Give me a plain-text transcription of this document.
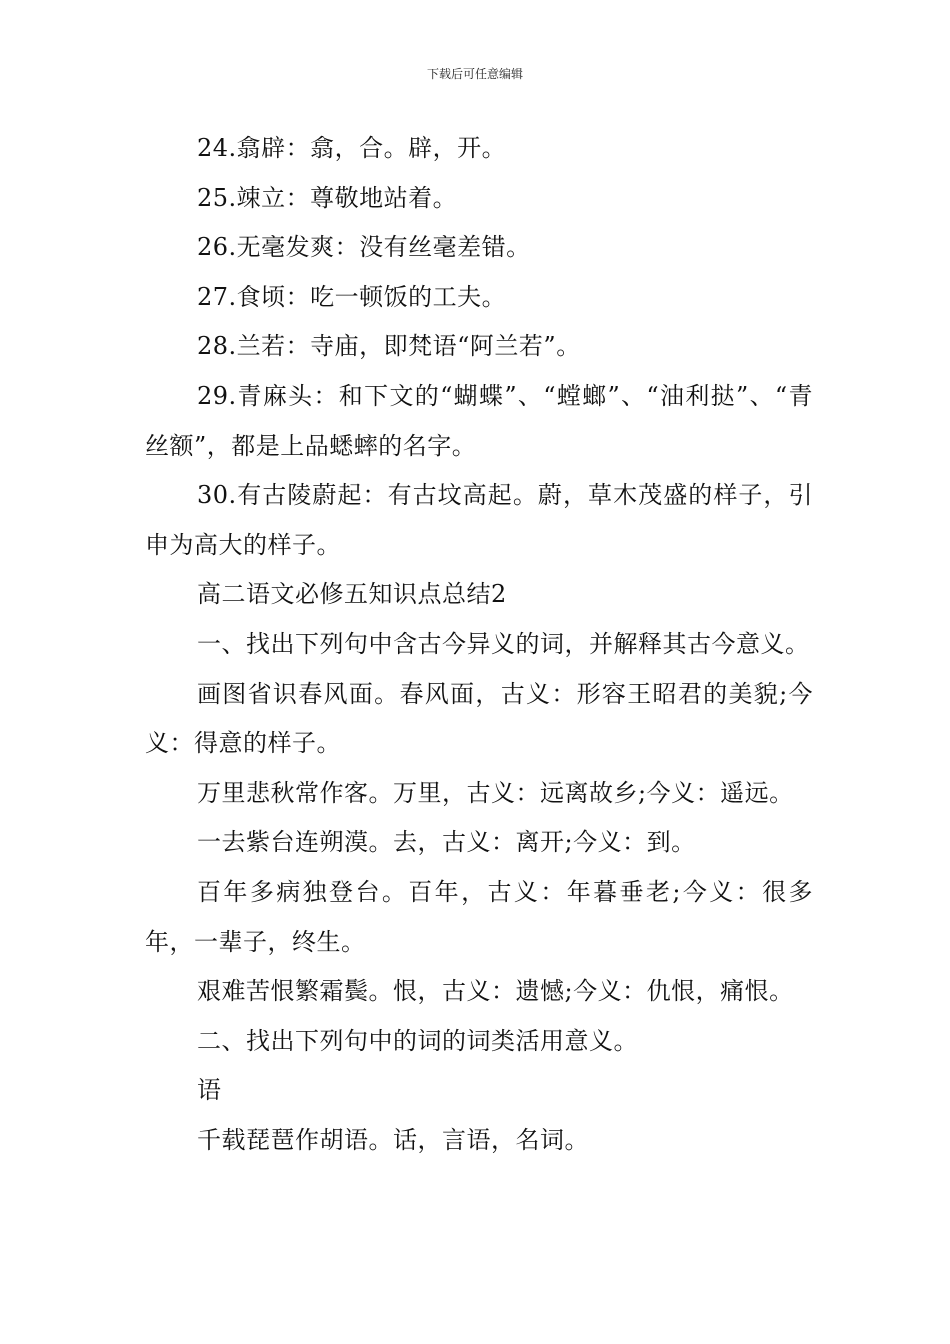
下载后可任意编辑

24.翕辟：翕，合。辟，开。

25.竦立：尊敬地站着。

26.无毫发爽：没有丝毫差错。

27.食顷：吃一顿饭的工夫。

28.兰若：寺庙，即梵语“阿兰若”。

29.青麻头：和下文的“蝴蝶”、“螳螂”、“油利挞”、“青丝额”，都是上品蟋蟀的名字。

30.有古陵蔚起：有古坟高起。蔚，草木茂盛的样子，引申为高大的样子。

高二语文必修五知识点总结2

一、找出下列句中含古今异义的词，并解释其古今意义。

画图省识春风面。春风面，古义：形容王昭君的美貌;今义：得意的样子。

万里悲秋常作客。万里，古义：远离故乡;今义：遥远。

一去紫台连朔漠。去，古义：离开;今义：到。

百年多病独登台。百年，古义：年暮垂老;今义：很多年，一辈子，终生。

艰难苦恨繁霜鬓。恨，古义：遗憾;今义：仇恨，痛恨。

二、找出下列句中的词的词类活用意义。

语

千载琵琶作胡语。话，言语，名词。
